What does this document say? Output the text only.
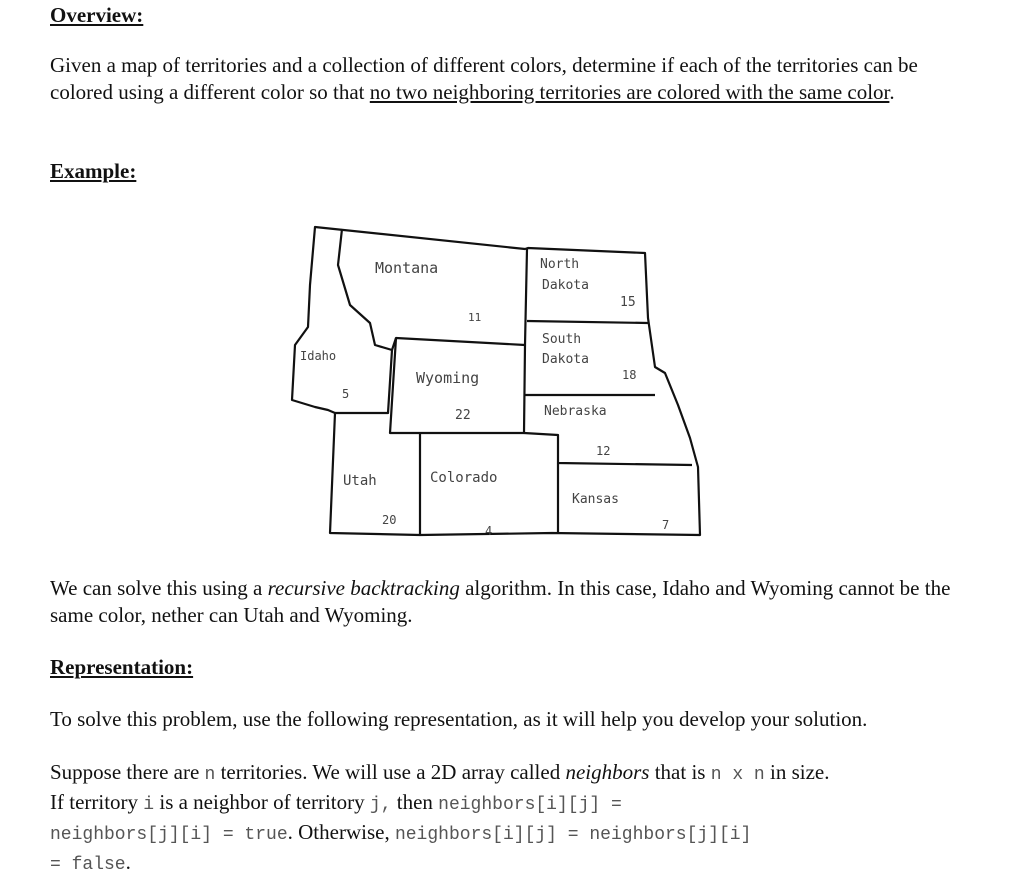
Overview:

Given a map of territories and a collection of different colors, determine if each of the territories can be colored using a different color so that no two neighboring territories are colored with the same color.

Example:

We can solve this using a recursive backtracking algorithm. In this case, Idaho and Wyoming cannot be the same color, nether can Utah and Wyoming.

Representation:

To solve this problem, use the following representation, as it will help you develop your solution.

Suppose there are n territories. We will use a 2D array called neighbors that is n x n in size.
If territory i is a neighbor of territory j, then neighbors[i][j] =
neighbors[j][i] = true. Otherwise, neighbors[i][j] = neighbors[j][i]
= false.

Montana
11
North
Dakota
15
South
Dakota
18
Idaho
5
Wyoming
22	Nebraska
12
Utah
20
Colorado
4
Kansas
7
